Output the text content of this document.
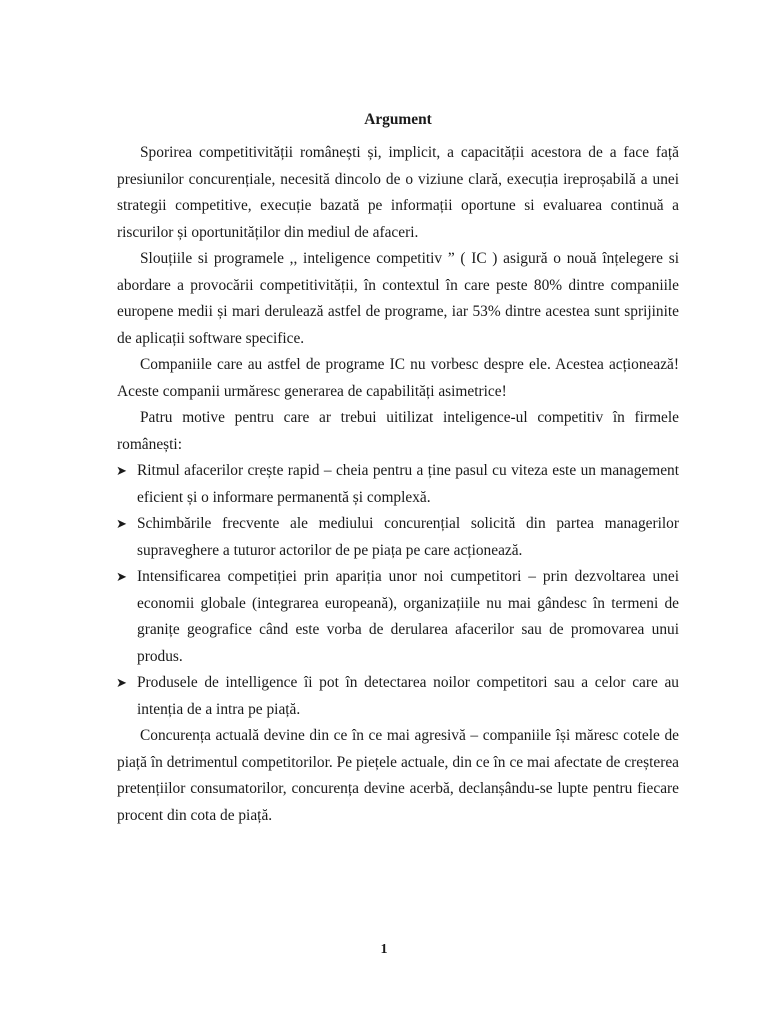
Argument

Sporirea competitivității românești și, implicit, a capacității acestora de a face față presiunilor concurențiale, necesită dincolo de o viziune clară, execuția ireproșabilă a unei strategii competitive, execuție bazată pe informații oportune si evaluarea continuă a riscurilor și oportunităților din mediul de afaceri.

Slouțiile si programele ,, inteligence competitiv ” ( IC ) asigură o nouă înțelegere si abordare a provocării competitivității, în contextul în care peste 80% dintre companiile europene medii și mari derulează astfel de programe, iar 53% dintre acestea sunt sprijinite de aplicații software specifice.

Companiile care au astfel de programe IC nu vorbesc despre ele. Acestea acționează! Aceste companii urmăresc generarea de capabilități asimetrice!

Patru motive pentru care ar trebui uitilizat inteligence-ul competitiv în firmele românești:

➤ Ritmul afacerilor crește rapid – cheia pentru a ține pasul cu viteza este un management eficient și o informare permanentă și complexă.
➤ Schimbările frecvente ale mediului concurențial solicită din partea managerilor supraveghere a tuturor actorilor de pe piața pe care acționează.
➤ Intensificarea competiției prin apariția unor noi cumpetitori – prin dezvoltarea unei economii globale (integrarea europeană), organizațiile nu mai gândesc în termeni de granițe geografice când este vorba de derularea afacerilor sau de promovarea unui produs.
➤ Produsele de intelligence îi pot în detectarea noilor competitori sau a celor care au intenția de a intra pe piață.

Concurența actuală devine din ce în ce mai agresivă – companiile își măresc cotele de piață în detrimentul competitorilor. Pe piețele actuale, din ce în ce mai afectate de creșterea pretențiilor consumatorilor, concurența devine acerbă, declanșându-se lupte pentru fiecare procent din cota de piață.

1
